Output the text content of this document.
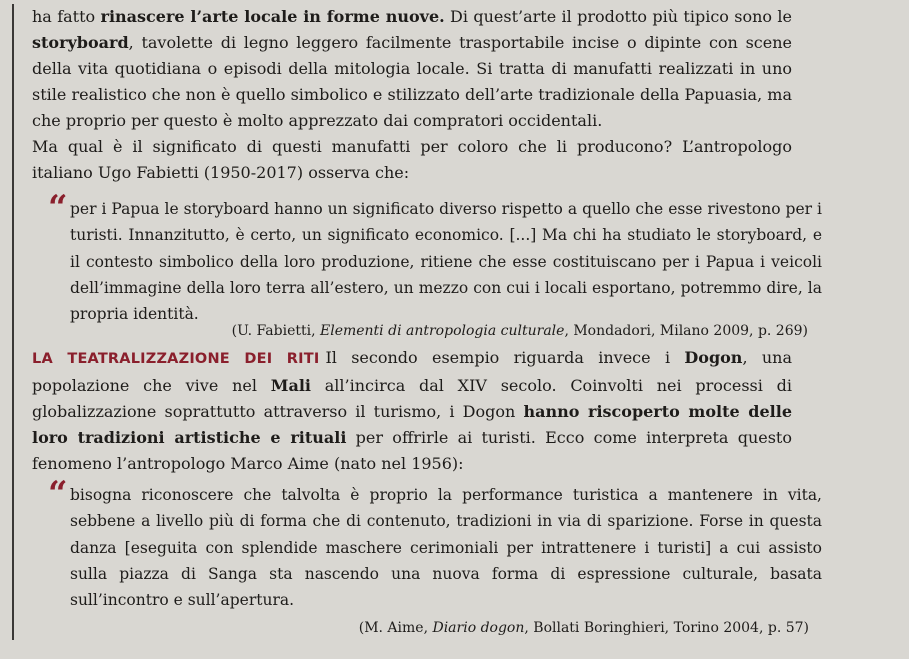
ha fatto rinascere l’arte locale in forme nuove. Di quest’arte il prodotto più tipico sono le storyboard, tavolette di legno leggero facilmente trasportabile incise o dipinte con scene della vita quotidiana o episodi della mitologia locale. Si tratta di manufatti realizzati in uno stile realistico che non è quello simbolico e stilizzato dell’arte tradizionale della Papuasia, ma che proprio per questo è molto apprezzato dai compratori occidentali.

Ma qual è il significato di questi manufatti per coloro che li producono? L’antropologo italiano Ugo Fabietti (1950-2017) osserva che:

“ per i Papua le storyboard hanno un significato diverso rispetto a quello che esse rivestono per i turisti. Innanzitutto, è certo, un significato economico. [...] Ma chi ha studiato le storyboard, e il contesto simbolico della loro produzione, ritiene che esse costituiscano per i Papua i veicoli dell’immagine della loro terra all’estero, un mezzo con cui i locali esportano, potremmo dire, la propria identità.

(U. Fabietti, Elementi di antropologia culturale, Mondadori, Milano 2009, p. 269)

LA TEATRALIZZAZIONE DEI RITI Il secondo esempio riguarda invece i Dogon, una popolazione che vive nel Mali all’incirca dal XIV secolo. Coinvolti nei processi di globalizzazione soprattutto attraverso il turismo, i Dogon hanno riscoperto molte delle loro tradizioni artistiche e rituali per offrirle ai turisti. Ecco come interpreta questo fenomeno l’antropologo Marco Aime (nato nel 1956):

“ bisogna riconoscere che talvolta è proprio la performance turistica a mantenere in vita, sebbene a livello più di forma che di contenuto, tradizioni in via di sparizione. Forse in questa danza [eseguita con splendide maschere cerimoniali per intrattenere i turisti] a cui assisto sulla piazza di Sanga sta nascendo una nuova forma di espressione culturale, basata sull’incontro e sull’apertura.

(M. Aime, Diario dogon, Bollati Boringhieri, Torino 2004, p. 57)
